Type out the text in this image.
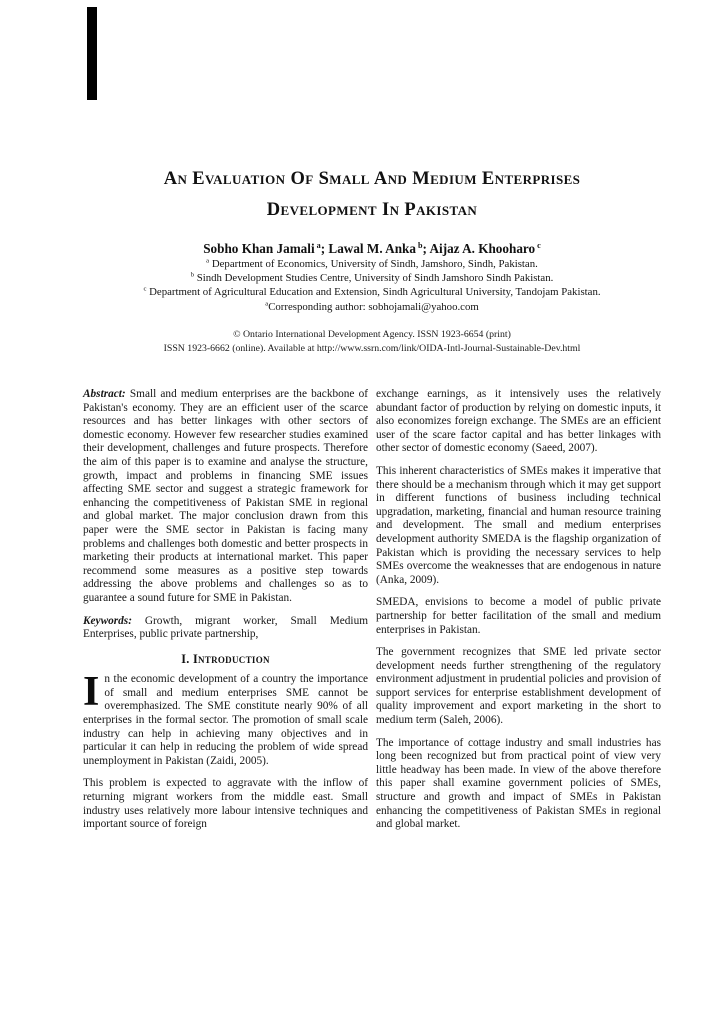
An Evaluation Of Small And Medium Enterprises
Development In Pakistan
Sobho Khan Jamali $^a$; Lawal M. Anka $^b$; Aijaz A. Khooharo $^c$
$^a$ Department of Economics, University of Sindh, Jamshoro, Sindh, Pakistan.
$^b$ Sindh Development Studies Centre, University of Sindh Jamshoro Sindh Pakistan.
$^c$ Department of Agricultural Education and Extension, Sindh Agricultural University, Tandojam Pakistan.
$^a$Corresponding author: sobhojamali@yahoo.com
© Ontario International Development Agency. ISSN 1923-6654 (print)
ISSN 1923-6662 (online). Available at http://www.ssrn.com/link/OIDA-Intl-Journal-Sustainable-Dev.html

Abstract: Small and medium enterprises are the backbone of Pakistan's economy. They are an efficient user of the scarce resources and has better linkages with other sectors of domestic economy. However few researcher studies examined their development, challenges and future prospects. Therefore the aim of this paper is to examine and analyse the structure, growth, impact and problems in financing SME issues affecting SME sector and suggest a strategic framework for enhancing the competitiveness of Pakistan SME in regional and global market. The major conclusion drawn from this paper were the SME sector in Pakistan is facing many problems and challenges both domestic and better prospects in marketing their products at international market. This paper recommend some measures as a positive step towards addressing the above problems and challenges so as to guarantee a sound future for SME in Pakistan.

Keywords: Growth, migrant worker, Small Medium Enterprises, public private partnership,

I. Introduction

In the economic development of a country the importance of small and medium enterprises SME cannot be overemphasized. The SME constitute nearly 90% of all enterprises in the formal sector. The promotion of small scale industry can help in achieving many objectives and in particular it can help in reducing the problem of wide spread unemployment in Pakistan (Zaidi, 2005).

This problem is expected to aggravate with the inflow of returning migrant workers from the middle east. Small industry uses relatively more labour intensive techniques and important source of foreign

exchange earnings, as it intensively uses the relatively abundant factor of production by relying on domestic inputs, it also economizes foreign exchange. The SMEs are an efficient user of the scare factor capital and has better linkages with other sector of domestic economy (Saeed, 2007).

This inherent characteristics of SMEs makes it imperative that there should be a mechanism through which it may get support in different functions of business including technical upgradation, marketing, financial and human resource training and development. The small and medium enterprises development authority SMEDA is the flagship organization of Pakistan which is providing the necessary services to help SMEs overcome the weaknesses that are endogenous in nature (Anka, 2009).

SMEDA, envisions to become a model of public private partnership for better facilitation of the small and medium enterprises in Pakistan.

The government recognizes that SME led private sector development needs further strengthening of the regulatory environment adjustment in prudential policies and provision of support services for enterprise establishment development of quality improvement and export marketing in the short to medium term (Saleh, 2006).

The importance of cottage industry and small industries has long been recognized but from practical point of view very little headway has been made. In view of the above therefore this paper shall examine government policies of SMEs, structure and growth and impact of SMEs in Pakistan enhancing the competitiveness of Pakistan SMEs in regional and global market.
